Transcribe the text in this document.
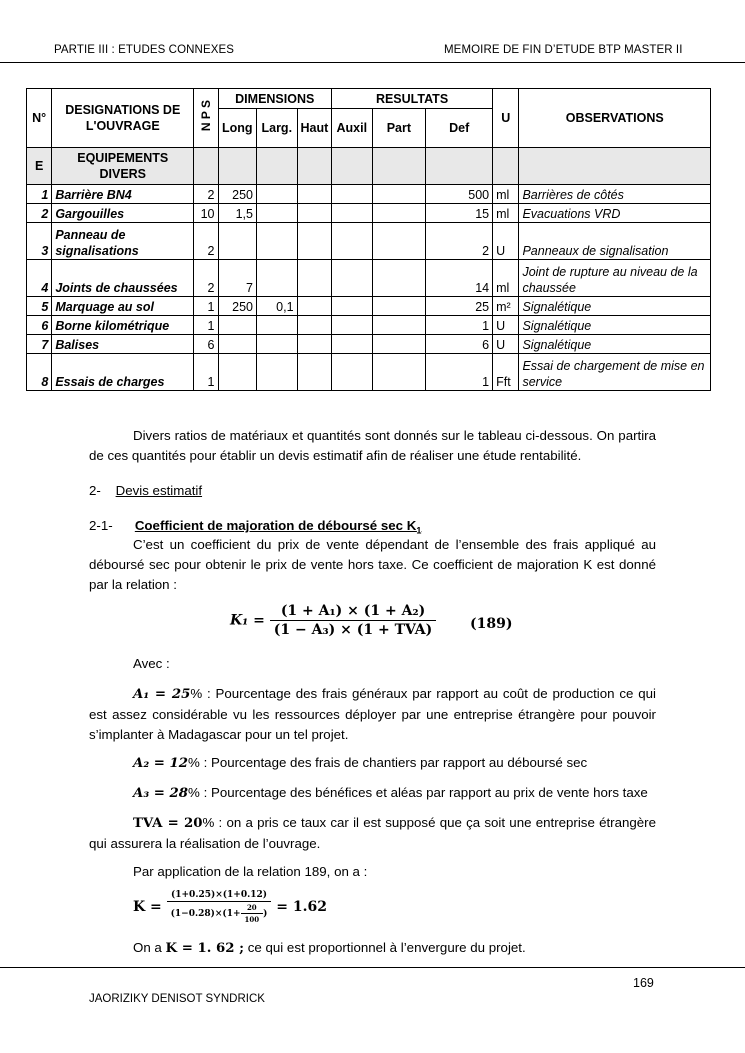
PARTIE III : ETUDES CONNEXES	MEMOIRE DE FIN D’ETUDE BTP MASTER II
N°	DESIGNATIONS DE L'OUVRAGE	N P S	DIMENSIONS			RESULTATS			U	OBSERVATIONS
			Long	Larg.	Haut	Auxil	Part	Def		
E	EQUIPEMENTS DIVERS									
1	Barrière BN4	2	250					500	ml	Barrières de côtés
2	Gargouilles	10	1,5					15	ml	Evacuations VRD
3	Panneau de signalisations	2						2	U	Panneaux de signalisation
4	Joints de chaussées	2	7					14	ml	Joint de rupture au niveau de la chaussée
5	Marquage au sol	1	250	0,1				25	m²	Signalétique
6	Borne kilométrique	1						1	U	Signalétique
7	Balises	6						6	U	Signalétique
8	Essais de charges	1						1	Fft	Essai de chargement de mise en service
Divers ratios de matériaux et quantités sont donnés sur le tableau ci-dessous. On partira de ces quantités pour établir un devis estimatif afin de réaliser une étude rentabilité.
2- Devis estimatif
2-1- Coefficient de majoration de déboursé $\sec K_1$
C’est un coefficient du prix de vente dépendant de l’ensemble des frais appliqué au déboursé sec pour obtenir le prix de vente hors taxe. Ce coefficient de majoration K est donné par la relation :
$K_1 = \frac{\text{(1 + A₁) × (1 + A₂)}}{\text{(1 − A₃) × (1 + TVA)}} (189)$
Avec :
A₁ = 25% : Pourcentage des frais généraux par rapport au coût de production ce qui est assez considérable vu les ressources déployer par une entreprise étrangère pour pouvoir s’implanter à Madagascar pour un tel projet.
A₂ = 12% : Pourcentage des frais de chantiers par rapport au déboursé sec
A₃ = 28% : Pourcentage des bénéfices et aléas par rapport au prix de vente hors taxe
TVA = 20% : on a pris ce taux car il est supposé que ça soit une entreprise étrangère qui assurera la réalisation de l’ouvrage.
Par application de la relation 189, on a :
$K = \frac{(1+0.25)\times(1+0.12)}{(1-0.28)\times(1+ \frac{20}{100} )} = 1.62$
On a K = 1. 62 ; ce qui est proportionnel à l’envergure du projet.
169
JAORIZIKY DENISOT SYNDRICK
